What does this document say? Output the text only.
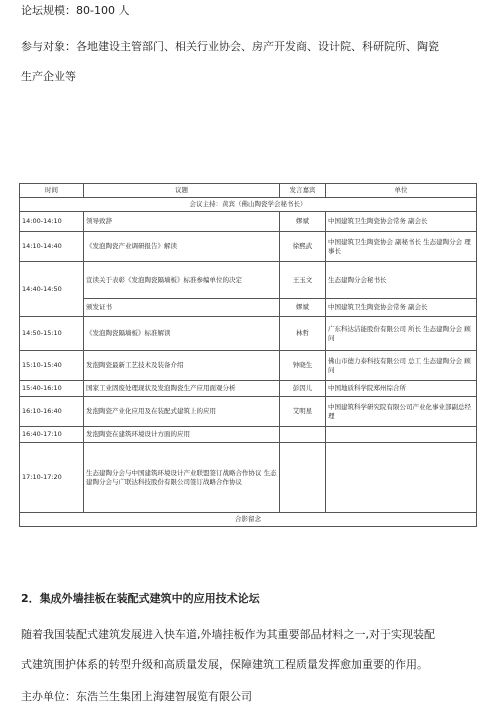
论坛规模：80-100 人
参与对象：各地建设主管部门、相关行业协会、房产开发商、设计院、科研院所、陶瓷
生产企业等
时间	议题	发言嘉宾	单位
会议主持：黄宾（佛山陶瓷学会秘书长）			
14:00-14:10	领导致辞	嫪斌	中国建筑卫生陶瓷协会常务 副会长
14:10-14:40	《发泡陶瓷产业调研报告》解读	徐熙武	中国建筑卫生陶瓷协会 副秘书长 生态建陶分会 理事长
14:40-14:50	宣读关于表彰《发泡陶瓷隔墙板》标准参编单位的决定	王玉文	生态建陶分会秘书长
	颁发证书	嫪斌	中国建筑卫生陶瓷协会常务 副会长
14:50-15:10	《发泡陶瓷隔墙板》标准解读	林哲	广东科达洁能股份有限公司 所长 生态建陶分会 顾问
15:10-15:40	发泡陶瓷最新工艺技术及装备介绍	钟晓生	佛山市德力泰科技有限公司 总工 生态建陶分会 顾问
15:40-16:10	国家工业固废处理现状及发泡陶瓷生产应用面观分析	彭因儿	中国地质科学院郑州综合所
16:10-16:40	发泡陶瓷产业化应用及在装配式建筑上的应用	艾明星	中国建筑科学研究院有限公司产业化事业部副总经理
16:40-17:10	发泡陶瓷在建筑环境设计方面的应用		
17:10-17:20	生态建陶分会与中国建筑环境设计产业联盟签订战略合作协议 生态建陶分会与广联达科技股份有限公司签订战略合作协议		
合影留念			
2．集成外墙挂板在装配式建筑中的应用技术论坛
随着我国装配式建筑发展进入快车道,外墙挂板作为其重要部品材料之一,对于实现装配
式建筑围护体系的转型升级和高质量发展，保障建筑工程质量发挥愈加重要的作用。
主办单位：东浩兰生集团上海建智展览有限公司
